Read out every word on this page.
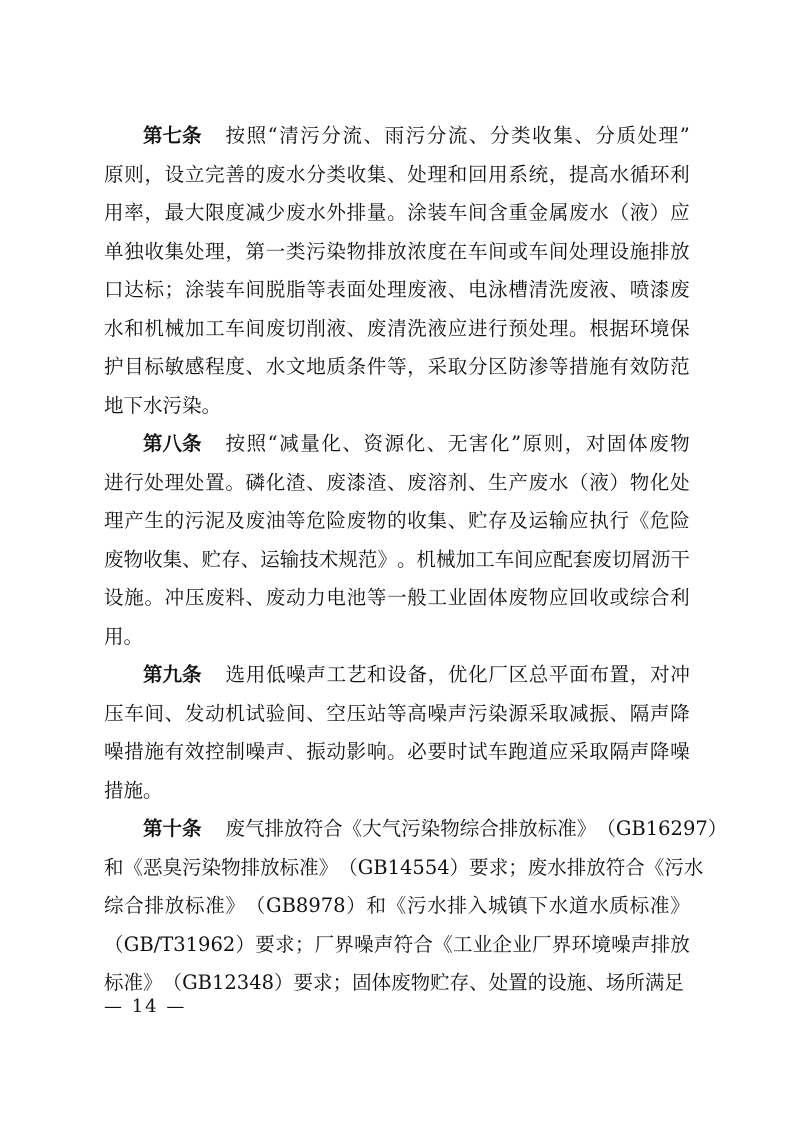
第七条 按 照 “ 清 污 分 流 、 雨 污 分 流 、 分 类 收 集 、 分 质 处 理 ”
原 则 ， 设 立 完 善 的 废 水 分 类 收 集 、 处 理 和 回 用 系 统 ， 提 高 水 循 环 利
用 率 ， 最 大 限 度 减 少 废 水 外 排 量 。 涂 装 车 间 含 重 金 属 废 水 （ 液 ） 应
单 独 收 集 处 理 ， 第 一 类 污 染 物 排 放 浓 度 在 车 间 或 车 间 处 理 设 施 排 放
口 达 标 ； 涂 装 车 间 脱 脂 等 表 面 处 理 废 液 、 电 泳 槽 清 洗 废 液 、 喷 漆 废
水 和 机 械 加 工 车 间 废 切 削 液 、 废 清 洗 液 应 进 行 预 处 理 。 根 据 环 境 保
护 目 标 敏 感 程 度 、 水 文 地 质 条 件 等 ， 采 取 分 区 防 渗 等 措 施 有 效 防 范
地 下 水 污 染 。
第八条 按 照 “ 减 量 化 、 资 源 化 、 无 害 化 ” 原 则 ， 对 固 体 废 物
进 行 处 理 处 置 。 磷 化 渣 、 废 漆 渣 、 废 溶 剂 、 生 产 废 水 （ 液 ） 物 化 处
理 产 生 的 污 泥 及 废 油 等 危 险 废 物 的 收 集 、 贮 存 及 运 输 应 执 行 《 危 险
废 物 收 集 、 贮 存 、 运 输 技 术 规 范 》 。 机 械 加 工 车 间 应 配 套 废 切 屑 沥 干
设 施 。 冲 压 废 料 、 废 动 力 电 池 等 一 般 工 业 固 体 废 物 应 回 收 或 综 合 利
用 。
第九条 选 用 低 噪 声 工 艺 和 设 备 ， 优 化 厂 区 总 平 面 布 置 ， 对 冲
压 车 间 、 发 动 机 试 验 间 、 空 压 站 等 高 噪 声 污 染 源 采 取 减 振 、 隔 声 降
噪 措 施 有 效 控 制 噪 声 、 振 动 影 响 。 必 要 时 试 车 跑 道 应 采 取 隔 声 降 噪
措 施 。
第十条 废 气 排 放 符 合 《 大 气 污 染 物 综 合 排 放 标 准 》 （ GB16297 ）
和 《 恶 臭 污 染 物 排 放 标 准 》 （ GB14554 ） 要 求 ； 废 水 排 放 符 合 《 污 水
综 合 排 放 标 准 》 （ GB8978 ） 和 《 污 水 排 入 城 镇 下 水 道 水 质 标 准 》
（ GB/T31962 ） 要 求 ； 厂 界 噪 声 符 合 《 工 业 企 业 厂 界 环 境 噪 声 排 放
标 准 》 （ GB12348 ） 要 求 ； 固 体 废 物 贮 存 、 处 置 的 设 施 、 场 所 满 足
— 14 —
